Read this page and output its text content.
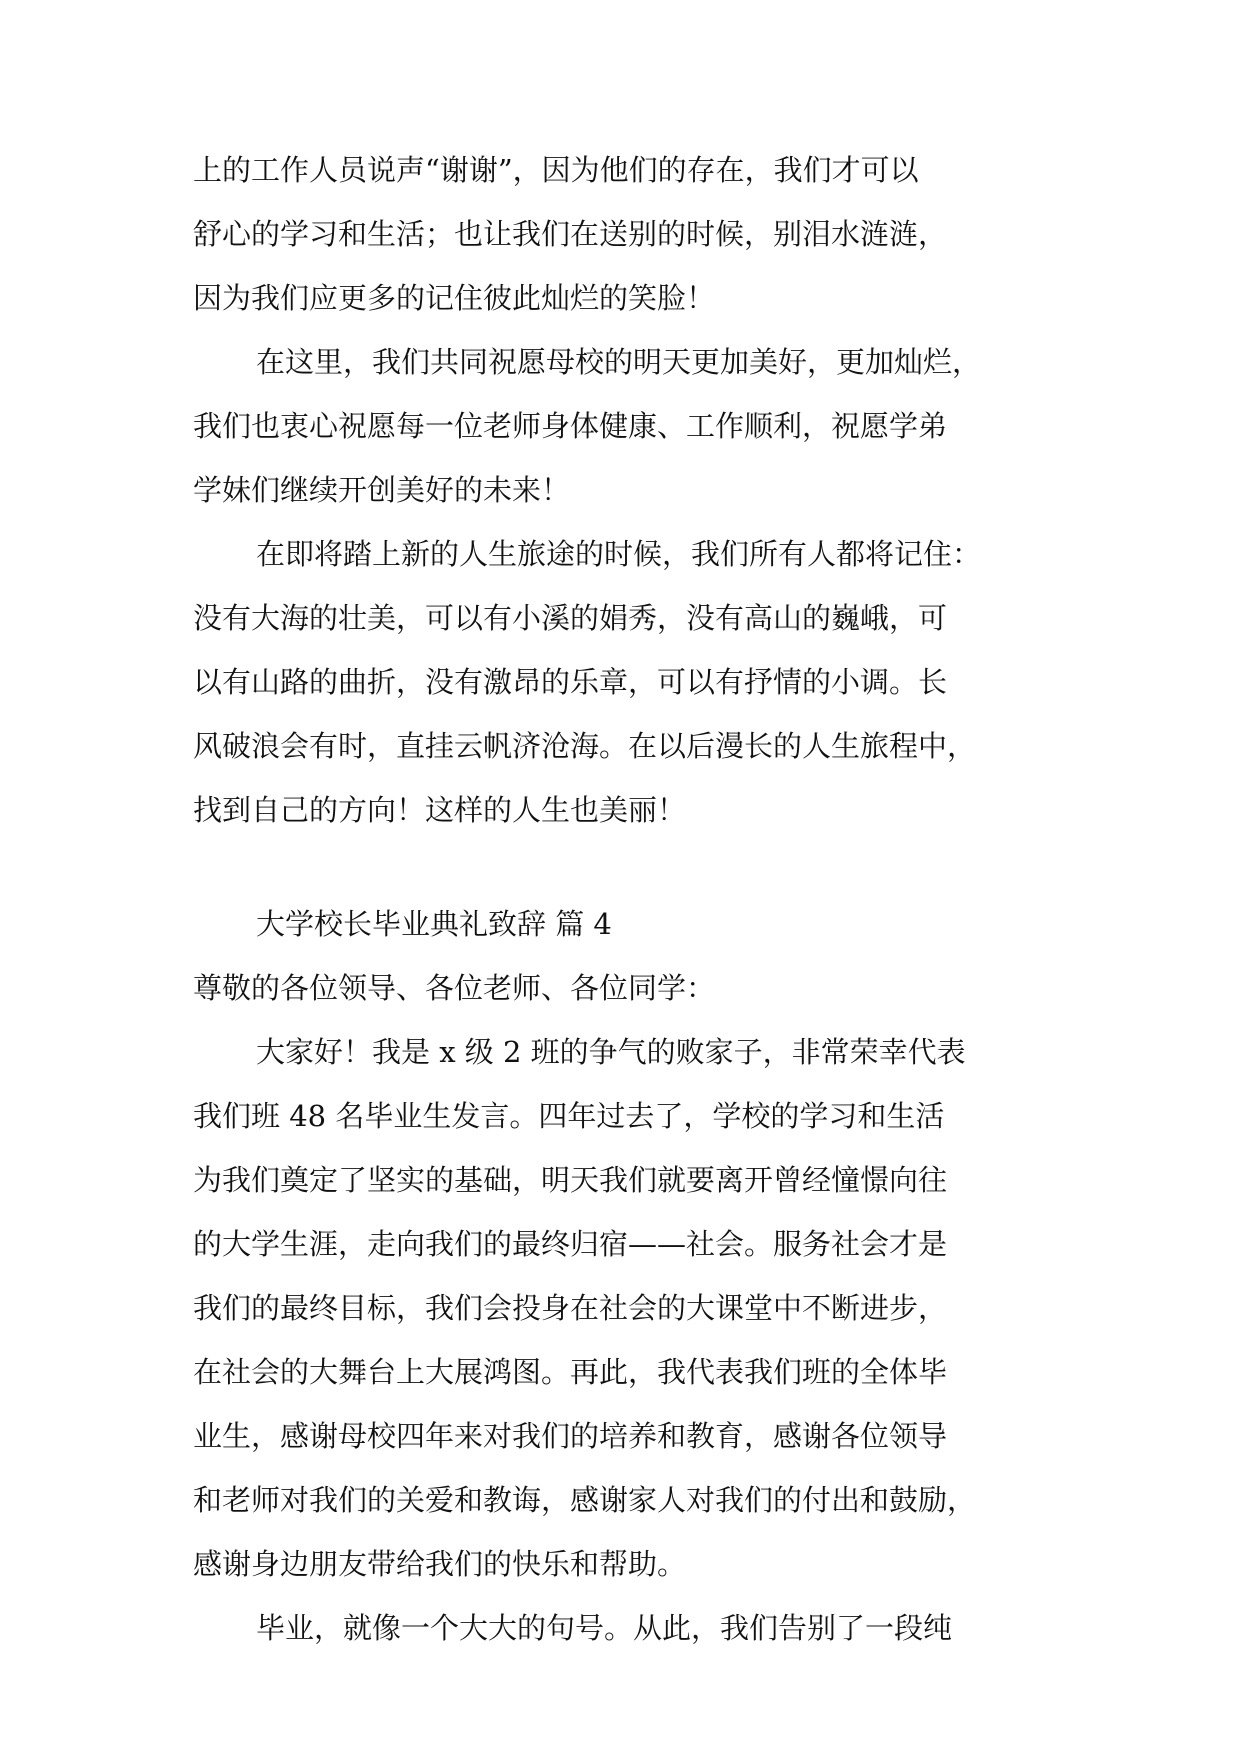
上的工作人员说声“谢谢”，因为他们的存在，我们才可以
舒心的学习和生活；也让我们在送别的时候，别泪水涟涟，
因为我们应更多的记住彼此灿烂的笑脸！
在这里，我们共同祝愿母校的明天更加美好，更加灿烂，
我们也衷心祝愿每一位老师身体健康、工作顺利，祝愿学弟
学妹们继续开创美好的未来！
在即将踏上新的人生旅途的时候，我们所有人都将记住：
没有大海的壮美，可以有小溪的娟秀，没有高山的巍峨，可
以有山路的曲折，没有激昂的乐章，可以有抒情的小调。长
风破浪会有时，直挂云帆济沧海。在以后漫长的人生旅程中，
找到自己的方向！这样的人生也美丽！
大学校长毕业典礼致辞 篇 4
尊敬的各位领导、各位老师、各位同学：
大家好！我是 x 级 2 班的争气的败家子，非常荣幸代表
我们班 48 名毕业生发言。四年过去了，学校的学习和生活
为我们奠定了坚实的基础，明天我们就要离开曾经憧憬向往
的大学生涯，走向我们的最终归宿——社会。服务社会才是
我们的最终目标，我们会投身在社会的大课堂中不断进步，
在社会的大舞台上大展鸿图。再此，我代表我们班的全体毕
业生，感谢母校四年来对我们的培养和教育，感谢各位领导
和老师对我们的关爱和教诲，感谢家人对我们的付出和鼓励，
感谢身边朋友带给我们的快乐和帮助。
毕业，就像一个大大的句号。从此，我们告别了一段纯
